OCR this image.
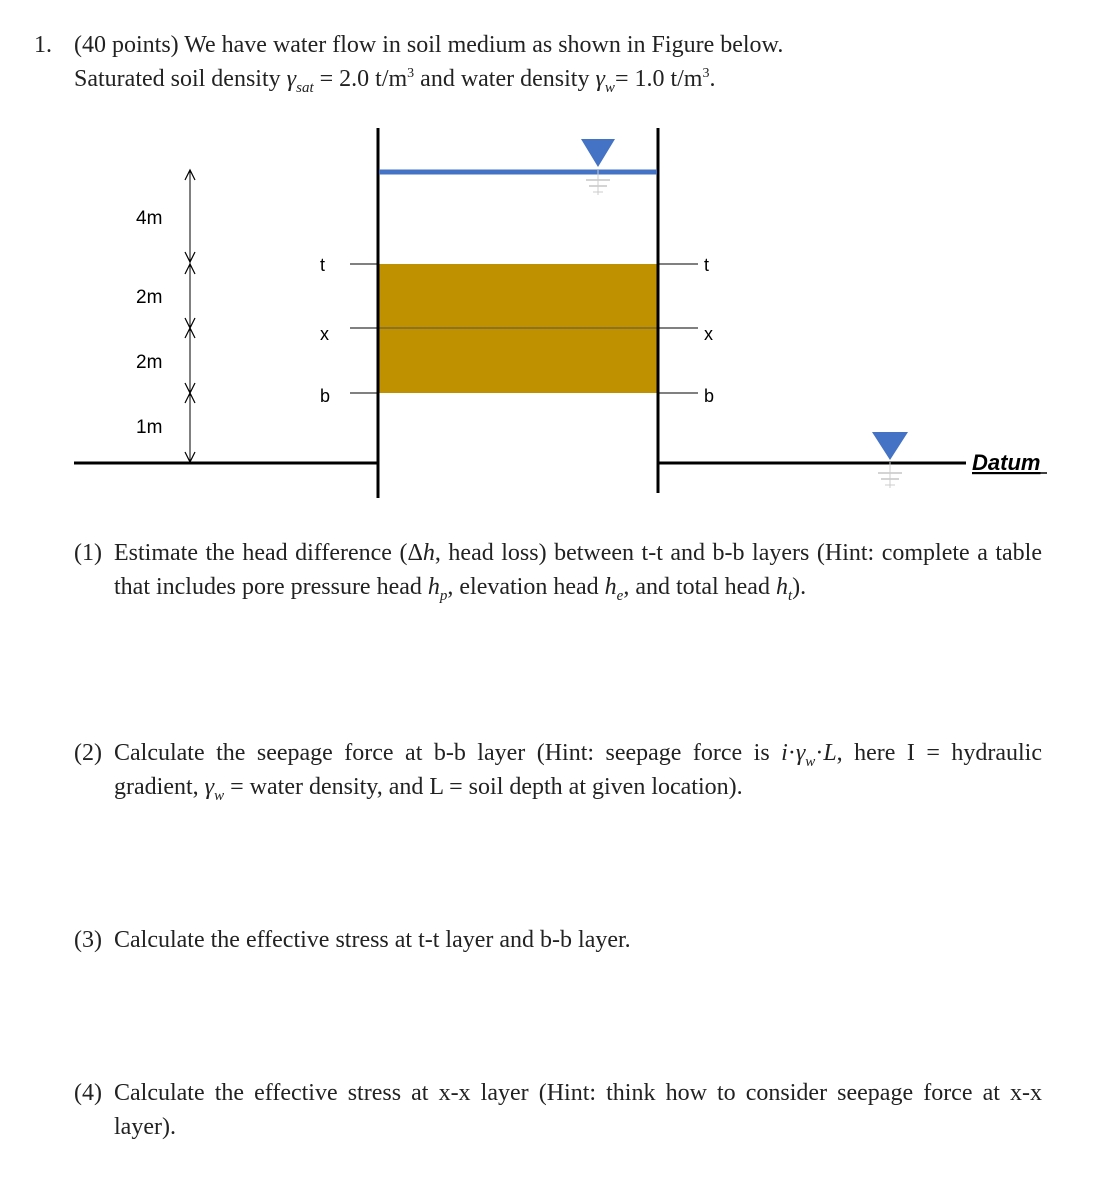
1. (40 points) We have water flow in soil medium as shown in Figure below.
Saturated soil density $\gamma_{sat} = 2.0$ $t/m^3$ and water density $\gamma_w= 1.0$ $t/m^3$.
Datum
t
x
b
t
x
b
4m
2m
2m
1m
(1) Estimate the head difference (Δh, head loss) between t-t and b-b layers (Hint: complete a table that includes pore pressure head $h_p$, elevation head $h_e$, and total head $h_t$).
(2) Calculate the seepage force at b-b layer (Hint: seepage force is $i\cdot\gamma_w\cdot L$, here I = hydraulic gradient, $\gamma_w$ = water density, and L = soil depth at given location).
(3) Calculate the effective stress at t-t layer and b-b layer.
(4) Calculate the effective stress at x-x layer (Hint: think how to consider seepage force at x-x layer).
